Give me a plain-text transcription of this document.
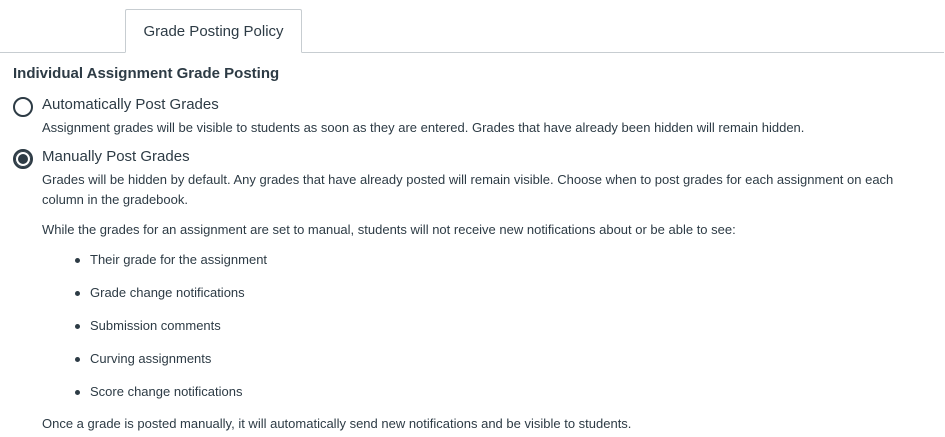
Grade Posting Policy
Individual Assignment Grade Posting
Automatically Post Grades
Assignment grades will be visible to students as soon as they are entered. Grades that have already been hidden will remain hidden.
Manually Post Grades
Grades will be hidden by default. Any grades that have already posted will remain visible. Choose when to post grades for each assignment on each
column in the gradebook.
While the grades for an assignment are set to manual, students will not receive new notifications about or be able to see:
Their grade for the assignment
Grade change notifications
Submission comments
Curving assignments
Score change notifications
Once a grade is posted manually, it will automatically send new notifications and be visible to students.
